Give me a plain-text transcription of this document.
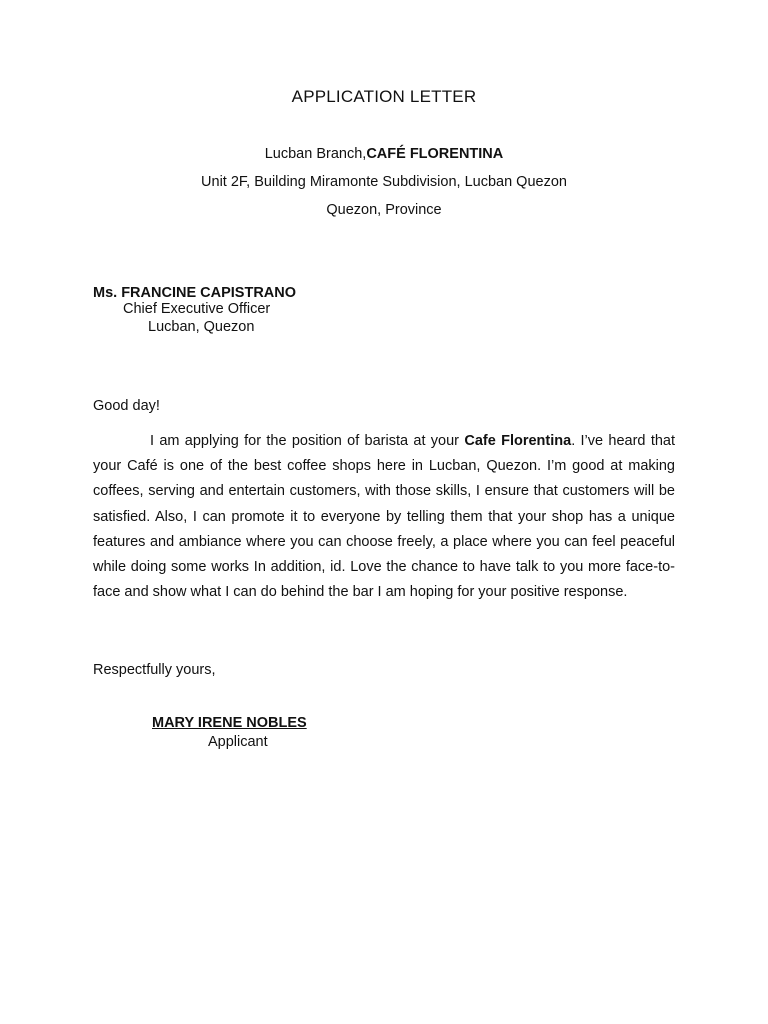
APPLICATION LETTER
Lucban Branch,CAFÉ FLORENTINA
Unit 2F, Building Miramonte Subdivision, Lucban Quezon
Quezon, Province
Ms. FRANCINE CAPISTRANO
Chief Executive Officer
Lucban, Quezon
Good day!
I am applying for the position of barista at your Cafe Florentina. I’ve heard that your Café is one of the best coffee shops here in Lucban, Quezon. I’m good at making coffees, serving and entertain customers, with those skills, I ensure that customers will be satisfied. Also, I can promote it to everyone by telling them that your shop has a unique features and ambiance where you can choose freely, a place where you can feel peaceful while doing some works In addition, id. Love the chance to have talk to you more face-to-face and show what I can do behind the bar I am hoping for your positive response.
Respectfully yours,
MARY IRENE NOBLES
Applicant
